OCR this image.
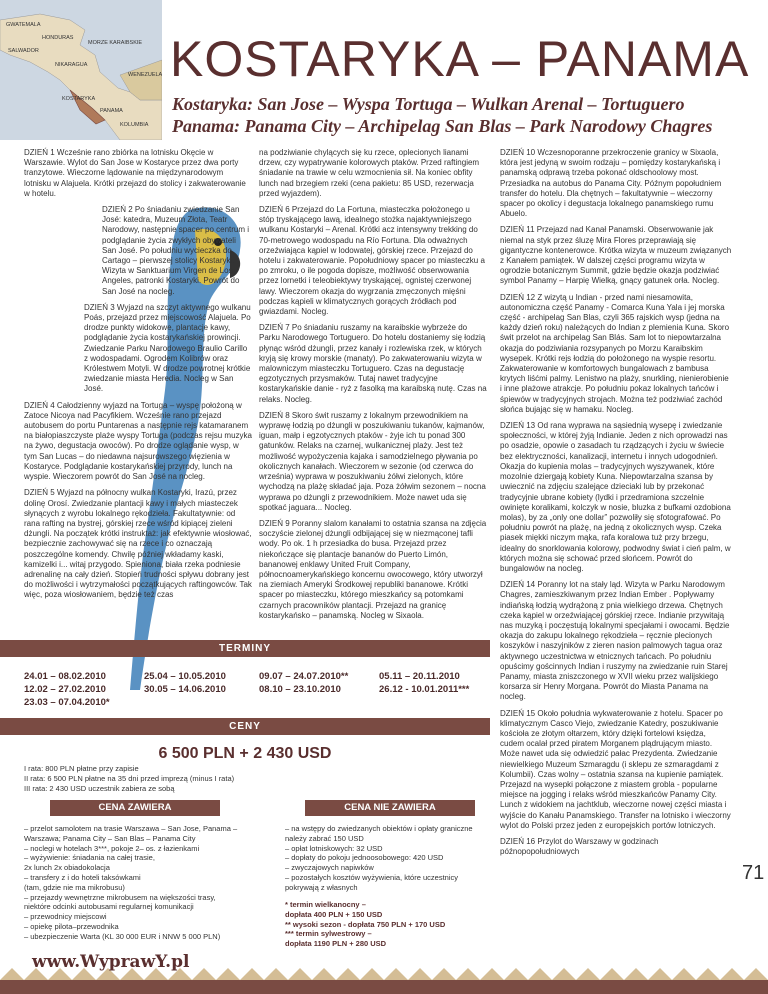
GWATEMALA
HONDURAS
SALWADOR
NIKARAGUA
KOSTARYKA
PANAMA
KOLUMBIA
WENEZUELA
MORZE KARAIBSKIE KOSTARYKA – PANAMA
Kostaryka: San Jose – Wyspa Tortuga – Wulkan Arenal – Tortuguero
Panama: Panama City – Archipelag San Blas – Park Narodowy Chagres

DZIEŃ 1 Wcześnie rano zbiórka na lotnisku Okęcie w Warszawie. Wylot do San Jose w Kostaryce przez dwa porty tranzytowe. Wieczorne lądowanie na międzynarodowym lotnisku w Alajuela. Krótki przejazd do stolicy i zakwaterowanie w hotelu.

DZIEŃ 2 Po śniadaniu zwiedzanie San José: katedra, Muzeum Złota, Teatr Narodowy, następnie spacer po centrum i podglądanie życia zwykłych obywateli San José. Po południu wycieczka do Cartago – pierwszej stolicy Kostaryki. Wizyta w Sanktuarium Virgen de Los Angeles, patronki Kostaryki. Powrót do San José na nocleg.

DZIEŃ 3 Wyjazd na szczyt aktywnego wulkanu Poás, przejazd przez miejscowość Alajuela. Po drodze punkty widokowe, plantacje kawy, podglądanie życia kostarykańskiej prowincji. Zwiedzanie Parku Narodowego Braulio Carillo z wodospadami. Ogrodem Kolibrów oraz Królestwem Motyli. W drodze powrotnej krótkie zwiedzanie miasta Heredia. Nocleg w San José.

DZIEŃ 4 Całodzienny wyjazd na Tortuga – wyspę położoną w Zatoce Nicoya nad Pacyfikiem. Wcześnie rano przejazd autobusem do portu Puntarenas a następnie rejs katamaranem na białopiaszczyste plaże wyspy Tortuga (podczas rejsu muzyka na żywo, degustacja owoców). Po drodze oglądanie wysp, w tym San Lucas – do niedawna najsurowszego więzienia w Kostaryce. Podglądanie kostarykańskiej przyrody, lunch na wyspie. Wieczorem powrót do San José na nocleg.

DZIEŃ 5 Wyjazd na północny wulkan Kostaryki, Irazú, przez dolinę Orosí. Zwiedzanie plantacji kawy i małych miasteczek słynących z wyrobu lokalnego rękodzieła. Fakultatywnie: od rana rafting na bystrej, górskiej rzece wśród kipiącej zieleni dżungli. Na początek krótki instruktaż: jak efektywnie wiosłować, bezpiecznie zachowywać się na rzece i co oznaczają poszczególne komendy. Chwilę później wkładamy kaski, kamizelki i... witaj przygodo. Spieniona, biała rzeka podniesie adrenalinę na cały dzień. Stopień trudności spływu dobrany jest do możliwości i wytrzymałości początkujących raftingowców. Tak więc, poza wiosłowaniem, będzie też czas

na podziwianie chylących się ku rzece, oplecionych lianami drzew, czy wypatrywanie kolorowych ptaków. Przed raftingiem śniadanie na trawie w celu wzmocnienia sił. Na koniec obfity lunch nad brzegiem rzeki (cena pakietu: 85 USD, rezerwacja przed wyjazdem).

DZIEŃ 6 Przejazd do La Fortuna, miasteczka położonego u stóp tryskającego lawą, idealnego stożka najaktywniejszego wulkanu Kostaryki – Arenal. Krótki acz intensywny trekking do 70-metrowego wodospadu na Río Fortuna. Dla odważnych orzeźwiająca kąpiel w lodowatej, górskiej rzece. Przejazd do hotelu i zakwaterowanie. Popołudniowy spacer po miasteczku a po zmroku, o ile pogoda dopisze, możliwość obserwowania przez lornetki i teleobiektywy tryskającej, ognistej czerwonej lawy. Wieczorem okazja do wygrzania zmęczonych mięśni podczas kąpieli w klimatycznych gorących źródłach pod gwiazdami. Nocleg.

DZIEŃ 7 Po śniadaniu ruszamy na karaibskie wybrzeże do Parku Narodowego Tortuguero. Do hotelu dostaniemy się łodzią płynąc wśród dżungli, przez kanały i rozlewiska rzek, w których kryją się krowy morskie (manaty). Po zakwaterowaniu wizyta w malowniczym miasteczku Tortuguero. Czas na degustację egzotycznych przysmaków. Tutaj nawet tradycyjne kostarykańskie danie - ryż z fasolką ma karaibską nutę. Czas na relaks. Nocleg.

DZIEŃ 8 Skoro świt ruszamy z lokalnym przewodnikiem na wyprawę łodzią po dżungli w poszukiwaniu tukanów, kajmanów, iguan, małp i egzotycznych ptaków - żyje ich tu ponad 300 gatunków. Relaks na czarnej, wulkanicznej plaży. Jest też możliwość wypożyczenia kajaka i samodzielnego pływania po okolicznych kanałach. Wieczorem w sezonie (od czerwca do września) wyprawa w poszukiwaniu żółwi zielonych, które wychodzą na plażę składać jaja. Poza żółwim sezonem – nocna wyprawa po dżungli z przewodnikiem. Może nawet uda się spotkać jaguara... Nocleg.

DZIEŃ 9 Poranny slalom kanałami to ostatnia szansa na zdjęcia soczyście zielonej dżungli odbijającej się w niezmąconej tafli wody. Po ok. 1 h przesiadka do busa. Przejazd przez niekończące się plantacje bananów do Puerto Limón, bananowej enklawy United Fruit Company, północnoamerykańskiego koncernu owocowego, który utworzył na ziemiach Ameryki Środkowej republiki bananowe. Krótki spacer po miasteczku, którego mieszkańcy są potomkami czarnych pracowników plantacji. Przejazd na granicę kostarykańsko – panamską. Nocleg w Sixaola.

DZIEŃ 10 Wczesnoporanne przekroczenie granicy w Sixaola, która jest jedyną w swoim rodzaju – pomiędzy kostarykańską i panamską odprawą trzeba pokonać oldschoolowy most. Przesiadka na autobus do Panama City. Późnym popołudniem transfer do hotelu. Dla chętnych – fakultatywnie – wieczorny spacer po okolicy i degustacja lokalnego panamskiego rumu Abuelo.

DZIEŃ 11 Przejazd nad Kanał Panamski. Obserwowanie jak niemal na styk przez śluzę Mira Flores przeprawiają się gigantyczne kontenerowce. Krótka wizyta w muzeum związanych z Kanałem pamiątek. W dalszej części programu wizyta w ogrodzie botanicznym Summit, gdzie będzie okazja podziwiać symbol Panamy – Harpię Wielką, gnący gatunek orła. Nocleg.

DZIEŃ 12 Z wizytą u Indian - przed nami niesamowita, autonomiczna część Panamy - Comarca Kuna Yala i jej morska część - archipelag San Blas, czyli 365 rajskich wysp (jedna na każdy dzień roku) należących do Indian z plemienia Kuna. Skoro świt przelot na archipelag San Blás. Sam lot to niepowtarzalna okazja do podziwiania rozsypanych po Morzu Karaibskim wysepek. Krótki rejs łodzią do położonego na wyspie resortu. Zakwaterowanie w komfortowych bungalowach z bambusa krytych liśćmi palmy. Lenistwo na plaży, snurkling, nienierobienie i inne plażowe atrakcje. Po południu pokaz lokalnych tańców i śpiewów w tradycyjnych strojach. Można też podziwiać zachód słońca bujając się w hamaku. Nocleg.

DZIEŃ 13 Od rana wyprawa na sąsiednią wysepę i zwiedzanie społeczności, w której żyją Indianie. Jeden z nich oprowadzi nas po osadzie, opowie o zasadach tu rządzących i życiu w świecie bez elektryczności, kanalizacji, internetu i innych udogodnień. Okazja do kupienia molas – tradycyjnych wyszywanek, które mozolnie dziergają kobiety Kuna. Niepowtarzalna szansa by uwiecznić na zdjęciu szalejące dzieciaki lub by przekonać tradycyjnie ubrane kobiety (lydki i przedramiona szczelnie owinięte koralikami, kolczyk w nosie, bluzka z bufkami ozdobiona molas), by za „only one dollar” pozwoliły się sfotografować. Po południu powrót na plażę, na jedną z okolicznych wysp. Czeka piasek miękki niczym mąka, rafa koralowa tuż przy brzegu, idealny do snorklowania kolorowy, podwodny świat i cień palm, w których można się schować przed słońcem. Powrót do bungalowów na nocleg.

DZIEŃ 14 Poranny lot na stały ląd. Wizyta w Parku Narodowym Chagres, zamieszkiwanym przez Indian Ember . Popływamy indiańską łodzią wydrążoną z pnia wielkiego drzewa. Chętnych czeka kąpiel w orzeźwiającej górskiej rzece. Indianie przywitają nas muzyką i poczęstują lokalnymi specjałami i owocami. Będzie okazja do zakupu lokalnego rękodzieła – ręcznie plecionych koszyków i naszyjników z zieren nasion palmowych tagua oraz aktywnego uczestnictwa w etnicznych tańcach. Po południu opuścimy gościnnych Indian i ruszymy na zwiedzanie ruin Starej Panamy, miasta zniszczonego w XVII wieku przez walijskiego korsarza sir Henry Morgana. Powrót do Miasta Panama na nocleg.

DZIEŃ 15 Około południa wykwaterowanie z hotelu. Spacer po klimatycznym Casco Viejo, zwiedzanie Katedry, poszukiwanie kościoła ze złotym ołtarzem, który dzięki fortelowi księdza, cudem ocalał przed piratem Morganem plądrującym miasto. Może nawet uda się odwiedzić pałac Prezydenta. Zwiedzanie niewielkiego Muzeum Szmaragdu (i sklepu ze szmaragdami z Kolumbii). Czas wolny – ostatnia szansa na kupienie pamiątek. Przejazd na wysepki połączone z miastem grobla - popularne miejsce na jogging i relaks wśród mieszkańców Panamy City. Lunch z widokiem na jachtklub, wieczorne nowej części miasta i wyjście do Kanału Panamskiego. Transfer na lotnisko i wieczorny wylot do Polski przez jeden z europejskich portów lotniczych.

DZIEŃ 16 Przylot do Warszawy w godzinach późnopopołudniowych

TERMINY
24.01 – 08.02.2010
12.02 – 27.02.2010
23.03 – 07.04.2010*
25.04 – 10.05.2010
30.05 – 14.06.2010
09.07 – 24.07.2010**
08.10 – 23.10.2010
05.11 – 20.11.2010
26.12 - 10.01.2011***
CENY
6 500 PLN + 2 430 USD
I rata: 800 PLN płatne przy zapisie
II rata: 6 500 PLN płatne na 35 dni przed imprezą (minus I rata)
III rata: 2 430 USD uczestnik zabiera ze sobą
CENA ZAWIERA
– przelot samolotem na trasie Warszawa – San Jose, Panama – Warszawa; Panama City – San Blas – Panama City
– noclegi w hotelach 3***, pokoje 2– os. z łazienkami
– wyżywienie: śniadania na całej trasie,
2x lunch 2x obiadokolacja
– transfery z i do hoteli taksówkami
(tam, gdzie nie ma mikrobusu)
– przejazdy wewnętrzne mikrobusem na większości trasy,
niektóre odcinki autobusami regularnej komunikacji
– przewodnicy miejscowi
– opiekę pilota–przewodnika
– ubezpieczenie Warta (KL 30 000 EUR i NNW 5 000 PLN)
CENA NIE ZAWIERA
– na wstępy do zwiedzanych obiektów i opłaty graniczne
należy zabrać 150 USD
– opłat lotniskowych: 32 USD
– dopłaty do pokoju jednoosobowego: 420 USD
– zwyczajowych napiwków
– pozostałych kosztów wyżywienia, które uczestnicy
pokrywają z własnych
* termin wielkanocny –
dopłata 400 PLN + 150 USD
** wysoki sezon - dopłata 750 PLN + 170 USD
*** termin sylwestrowy –
dopłata 1190 PLN + 280 USD
www.WyprawY.pl
71
